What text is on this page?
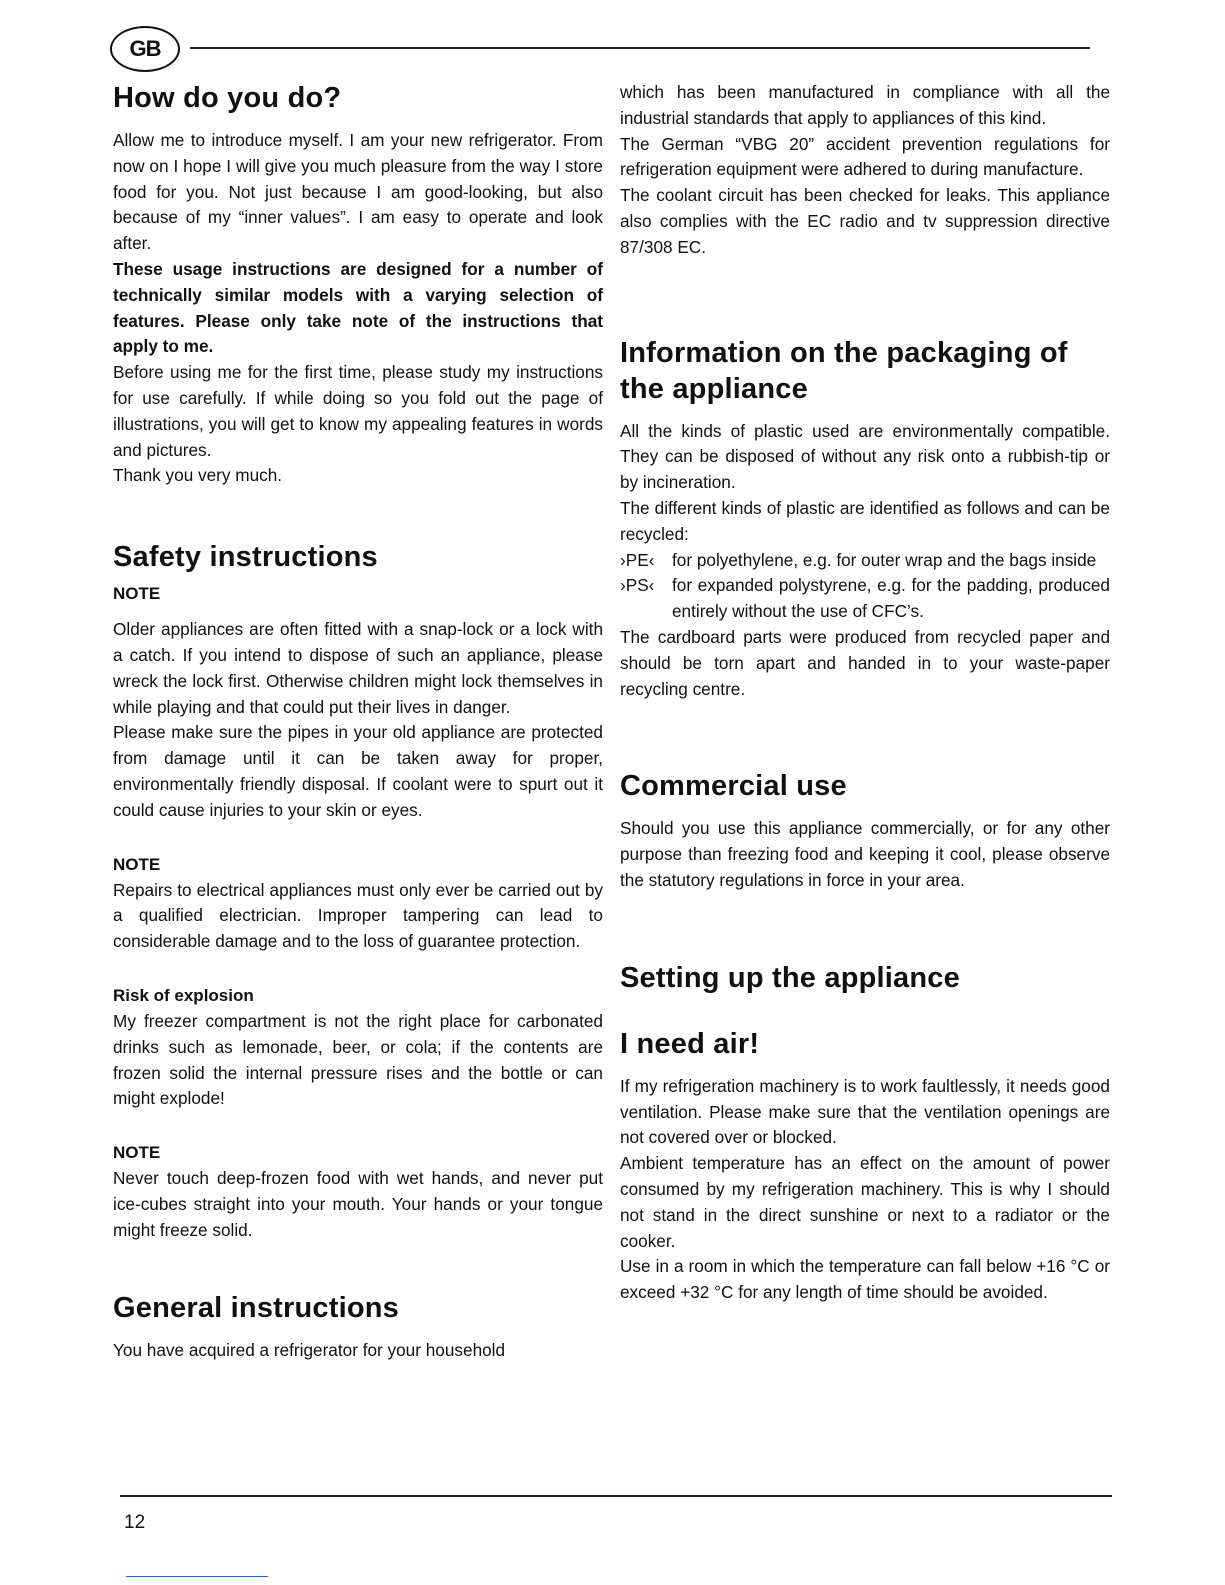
GB
How do you do?

Allow me to introduce myself. I am your new refrigerator. From now on I hope I will give you much pleasure from the way I store food for you. Not just because I am good-looking, but also because of my “inner values”. I am easy to operate and look after.

These usage instructions are designed for a number of technically similar models with a varying selection of features. Please only take note of the instructions that apply to me.

Before using me for the first time, please study my instructions for use carefully. If while doing so you fold out the page of illustrations, you will get to know my appealing features in words and pictures.

Thank you very much.

Safety instructions
NOTE

Older appliances are often fitted with a snap-lock or a lock with a catch. If you intend to dispose of such an appliance, please wreck the lock first. Otherwise children might lock themselves in while playing and that could put their lives in danger.

Please make sure the pipes in your old appliance are protected from damage until it can be taken away for proper, environmentally friendly disposal. If coolant were to spurt out it could cause injuries to your skin or eyes.

NOTE

Repairs to electrical appliances must only ever be carried out by a qualified electrician. Improper tampering can lead to considerable damage and to the loss of guarantee protection.

Risk of explosion

My freezer compartment is not the right place for carbonated drinks such as lemonade, beer, or cola; if the contents are frozen solid the internal pressure rises and the bottle or can might explode!

NOTE

Never touch deep-frozen food with wet hands, and never put ice-cubes straight into your mouth. Your hands or your tongue might freeze solid.

General instructions

You have acquired a refrigerator for your household

which has been manufactured in compliance with all the industrial standards that apply to appliances of this kind.

The German “VBG 20” accident prevention regulations for refrigeration equipment were adhered to during manufacture.

The coolant circuit has been checked for leaks. This appliance also complies with the EC radio and tv suppression directive 87/308 EC.

Information on the packaging of the appliance

All the kinds of plastic used are environmentally compatible. They can be disposed of without any risk onto a rubbish-tip or by incineration.

The different kinds of plastic are identified as follows and can be recycled:

›PE‹	for polyethylene, e.g. for outer wrap and the bags inside
›PS‹	for expanded polystyrene, e.g. for the padding, produced entirely without the use of CFC’s.

The cardboard parts were produced from recycled paper and should be torn apart and handed in to your waste-paper recycling centre.

Commercial use

Should you use this appliance commercially, or for any other purpose than freezing food and keeping it cool, please observe the statutory regulations in force in your area.

Setting up the appliance
I need air!

If my refrigeration machinery is to work faultlessly, it needs good ventilation. Please make sure that the ventilation openings are not covered over or blocked.

Ambient temperature has an effect on the amount of power consumed by my refrigeration machinery. This is why I should not stand in the direct sunshine or next to a radiator or the cooker.

Use in a room in which the temperature can fall below +16 °C or exceed +32 °C for any length of time should be avoided.

12
